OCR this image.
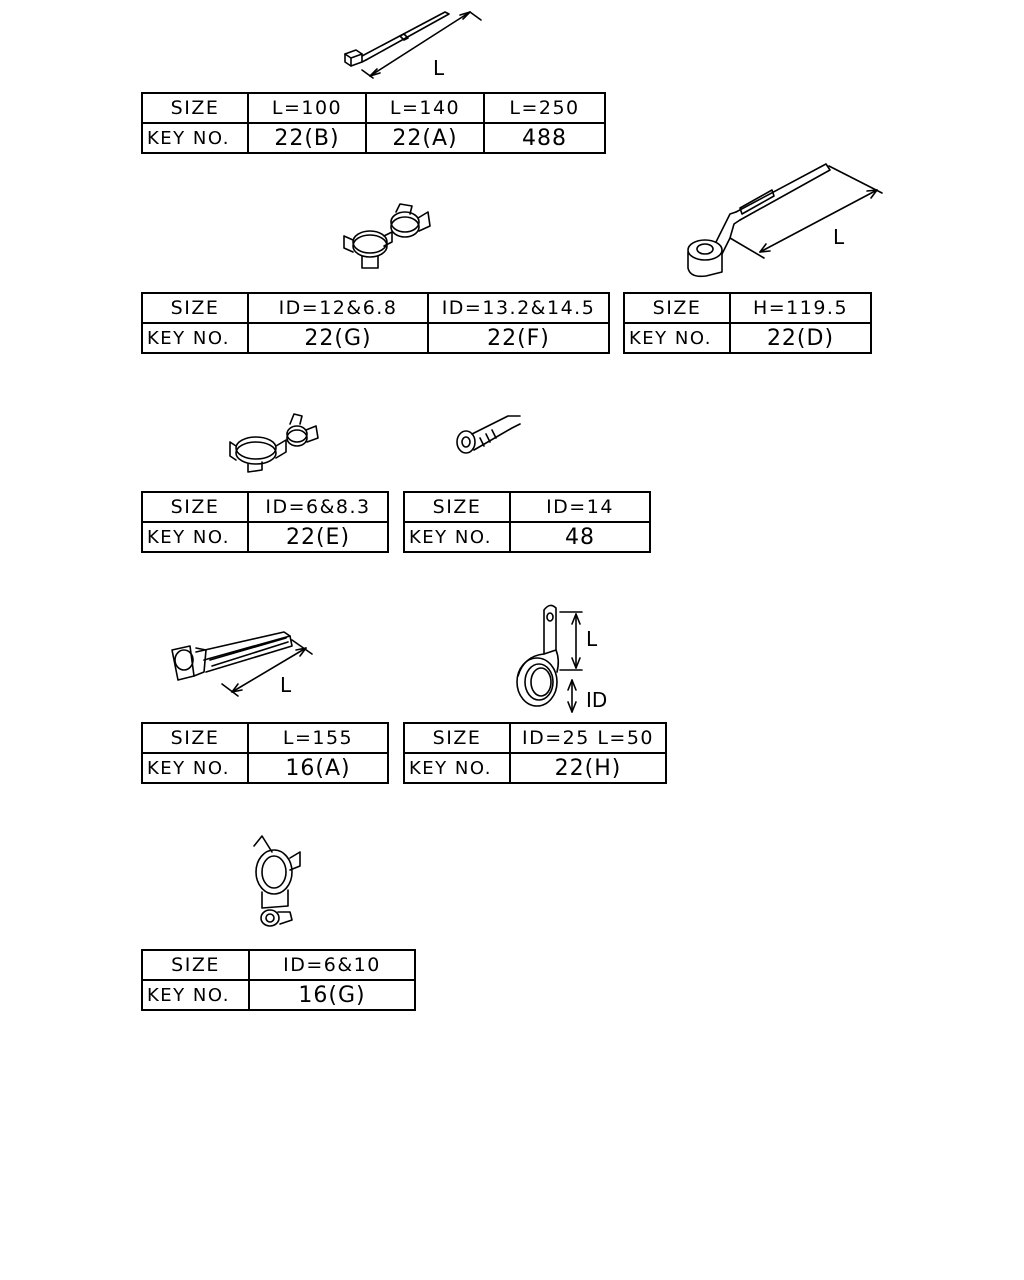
L
L
L
L
ID
SIZE	L=100	L=140	L=250
KEY NO.	22(B)	22(A)	488
SIZE	ID=12&6.8	ID=13.2&14.5
KEY NO.	22(G)	22(F)
SIZE	H=119.5
KEY NO.	22(D)
SIZE	ID=6&8.3
KEY NO.	22(E)
SIZE	ID=14
KEY NO.	48
SIZE	L=155
KEY NO.	16(A)
SIZE	ID=25 L=50
KEY NO.	22(H)
SIZE	ID=6&10
KEY NO.	16(G)
